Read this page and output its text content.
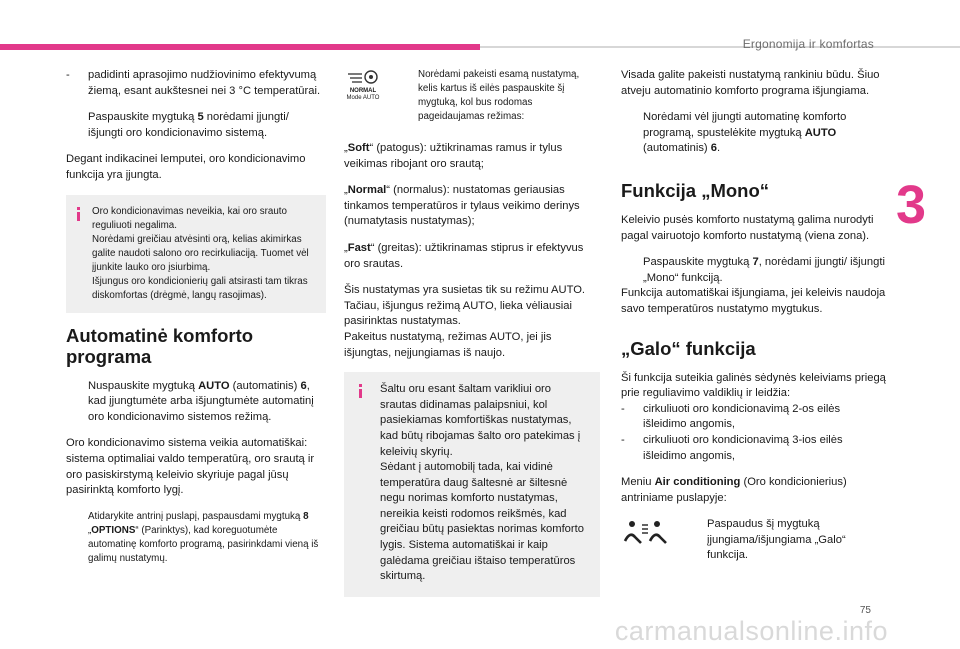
Ergonomija ir komfortas
3

-	padidinti aprasojimo nudžiovinimo efektyvumą žiemą, esant aukštesnei nei 3 °C temperatūrai.

Paspauskite mygtuką 5 norėdami įjungti/ išjungti oro kondicionavimo sistemą.

Degant indikacinei lemputei, oro kondicionavimo funkcija yra įjungta.

Oro kondicionavimas neveikia, kai oro srauto reguliuoti negalima.
Norėdami greičiau atvėsinti orą, kelias akimirkas galite naudoti salono oro recirkuliaciją. Tuomet vėl įjunkite lauko oro įsiurbimą.
Išjungus oro kondicionierių gali atsirasti tam tikras diskomfortas (drėgmė, langų rasojimas).

Automatinė komforto programa

Nuspauskite mygtuką AUTO (automatinis) 6, kad įjungtumėte arba išjungtumėte automatinį oro kondicionavimo sistemos režimą.

Oro kondicionavimo sistema veikia automatiškai: sistema optimaliai valdo temperatūrą, oro srautą ir oro pasiskirstymą keleivio skyriuje pagal jūsų pasirinktą komforto lygį.

Atidarykite antrinį puslapį, paspausdami mygtuką 8 „OPTIONS“ (Parinktys), kad koreguotumėte automatinę komforto programą, pasirinkdami vieną iš galimų nustatymų.

NORMAL
Mode AUTO

Norėdami pakeisti esamą nustatymą, kelis kartus iš eilės paspauskite šį mygtuką, kol bus rodomas pageidaujamas režimas:

„Soft“ (patogus): užtikrinamas ramus ir tylus veikimas ribojant oro srautą;

„Normal“ (normalus): nustatomas geriausias tinkamos temperatūros ir tylaus veikimo derinys (numatytasis nustatymas);

„Fast“ (greitas): užtikrinamas stiprus ir efektyvus oro srautas.

Šis nustatymas yra susietas tik su režimu AUTO. Tačiau, išjungus režimą AUTO, lieka vėliausiai pasirinktas nustatymas.
Pakeitus nustatymą, režimas AUTO, jei jis išjungtas, neįjungiamas iš naujo.

Šaltu oru esant šaltam varikliui oro srautas didinamas palaipsniui, kol pasiekiamas komfortiškas nustatymas, kad būtų ribojamas šalto oro patekimas į keleivių skyrių.
Sėdant į automobilį tada, kai vidinė temperatūra daug šaltesnė ar šiltesnė negu norimas komforto nustatymas, nereikia keisti rodomos reikšmės, kad greičiau būtų pasiektas norimas komforto lygis. Sistema automatiškai ir kaip galėdama greičiau ištaiso temperatūros skirtumą.

Visada galite pakeisti nustatymą rankiniu būdu. Šiuo atveju automatinio komforto programa išjungiama.

Norėdami vėl įjungti automatinę komforto programą, spustelėkite mygtuką AUTO (automatinis) 6.

Funkcija „Mono“

Keleivio pusės komforto nustatymą galima nurodyti pagal vairuotojo komforto nustatymą (viena zona).

Paspauskite mygtuką 7, norėdami įjungti/ išjungti „Mono“ funkciją.

Funkcija automatiškai išjungiama, jei keleivis naudoja savo temperatūros nustatymo mygtukus.

„Galo“ funkcija

Ši funkcija suteikia galinės sėdynės keleiviams priegą prie reguliavimo valdiklių ir leidžia:

-	cirkuliuoti oro kondicionavimą 2-os eilės išleidimo angomis,

-	cirkuliuoti oro kondicionavimą 3-ios eilės išleidimo angomis,

Meniu Air conditioning (Oro kondicionierius) antriniame puslapyje:

Paspaudus šį mygtuką įjungiama/išjungiama „Galo“ funkcija.

75
carmanualsonline.info
